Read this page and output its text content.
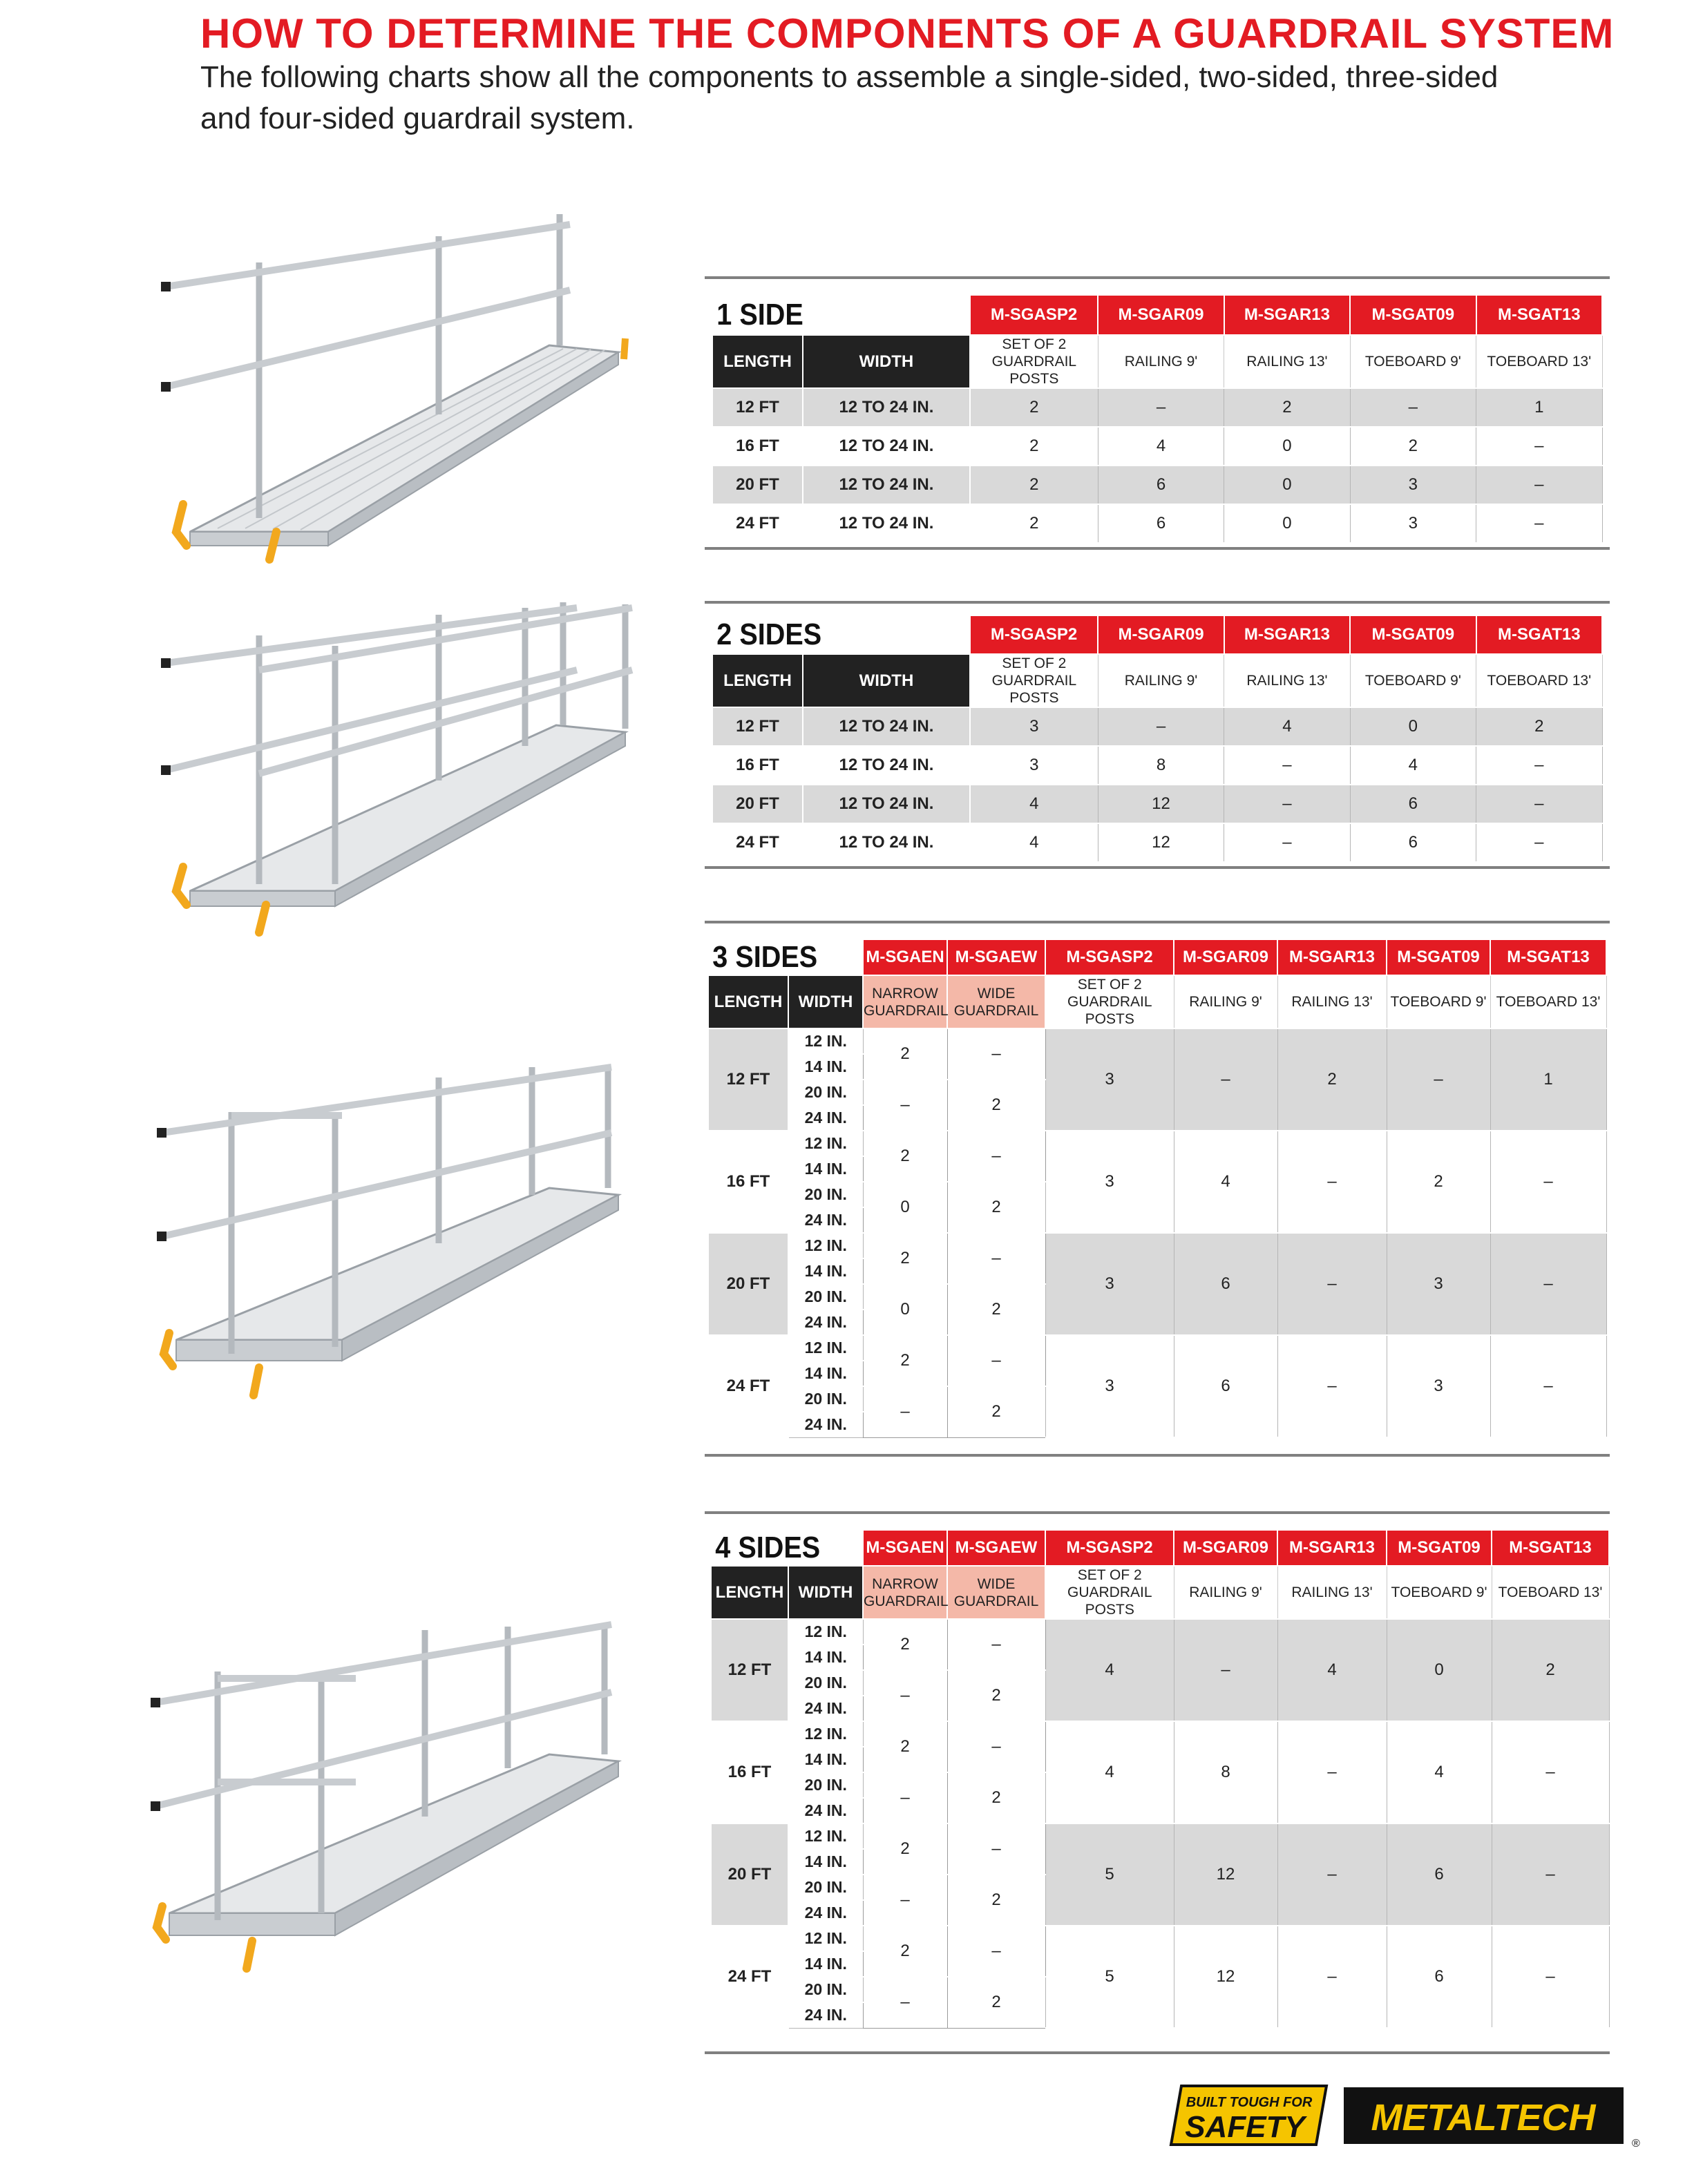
HOW TO DETERMINE THE COMPONENTS OF A GUARDRAIL SYSTEM

The following charts show all the components to assemble a single-sided, two-sided, three-sided and four-sided guardrail system.

1 SIDE		M-SGASP2	M-SGAR09	M-SGAR13	M-SGAT09	M-SGAT13
LENGTH	WIDTH	SET OF 2 GUARDRAIL POSTS	RAILING 9'	RAILING 13'	TOEBOARD 9'	TOEBOARD 13'
12 FT	12 TO 24 IN.	2	–	2	–	1
16 FT	12 TO 24 IN.	2	4	0	2	–
20 FT	12 TO 24 IN.	2	6	0	3	–
24 FT	12 TO 24 IN.	2	6	0	3	–
2 SIDES		M-SGASP2	M-SGAR09	M-SGAR13	M-SGAT09	M-SGAT13
LENGTH	WIDTH	SET OF 2 GUARDRAIL POSTS	RAILING 9'	RAILING 13'	TOEBOARD 9'	TOEBOARD 13'
12 FT	12 TO 24 IN.	3	–	4	0	2
16 FT	12 TO 24 IN.	3	8	–	4	–
20 FT	12 TO 24 IN.	4	12	–	6	–
24 FT	12 TO 24 IN.	4	12	–	6	–
3 SIDES		M-SGAEN	M-SGAEW	M-SGASP2	M-SGAR09	M-SGAR13	M-SGAT09	M-SGAT13
LENGTH	WIDTH	NARROW GUARDRAIL	WIDE GUARDRAIL	SET OF 2 GUARDRAIL POSTS	RAILING 9'	RAILING 13'	TOEBOARD 9'	TOEBOARD 13'
12 FT	12 IN.	2	–	3	–	2	–	1
	14 IN.							
	20 IN.	–	2					
	24 IN.							
16 FT	12 IN.	2	–	3	4	–	2	–
	14 IN.							
	20 IN.	0	2					
	24 IN.							
20 FT	12 IN.	2	–	3	6	–	3	–
	14 IN.							
	20 IN.	0	2					
	24 IN.							
24 FT	12 IN.	2	–	3	6	–	3	–
	14 IN.							
	20 IN.	–	2					
	24 IN.							
4 SIDES		M-SGAEN	M-SGAEW	M-SGASP2	M-SGAR09	M-SGAR13	M-SGAT09	M-SGAT13
LENGTH	WIDTH	NARROW GUARDRAIL	WIDE GUARDRAIL	SET OF 2 GUARDRAIL POSTS	RAILING 9'	RAILING 13'	TOEBOARD 9'	TOEBOARD 13'
12 FT	12 IN.	2	–	4	–	4	0	2
	14 IN.							
	20 IN.	–	2					
	24 IN.							
16 FT	12 IN.	2	–	4	8	–	4	–
	14 IN.							
	20 IN.	–	2					
	24 IN.							
20 FT	12 IN.	2	–	5	12	–	6	–
	14 IN.							
	20 IN.	–	2					
	24 IN.							
24 FT	12 IN.	2	–	5	12	–	6	–
	14 IN.							
	20 IN.	–	2					
	24 IN.							
BUILT TOUGH FOR
SAFETY METALTECH
®
